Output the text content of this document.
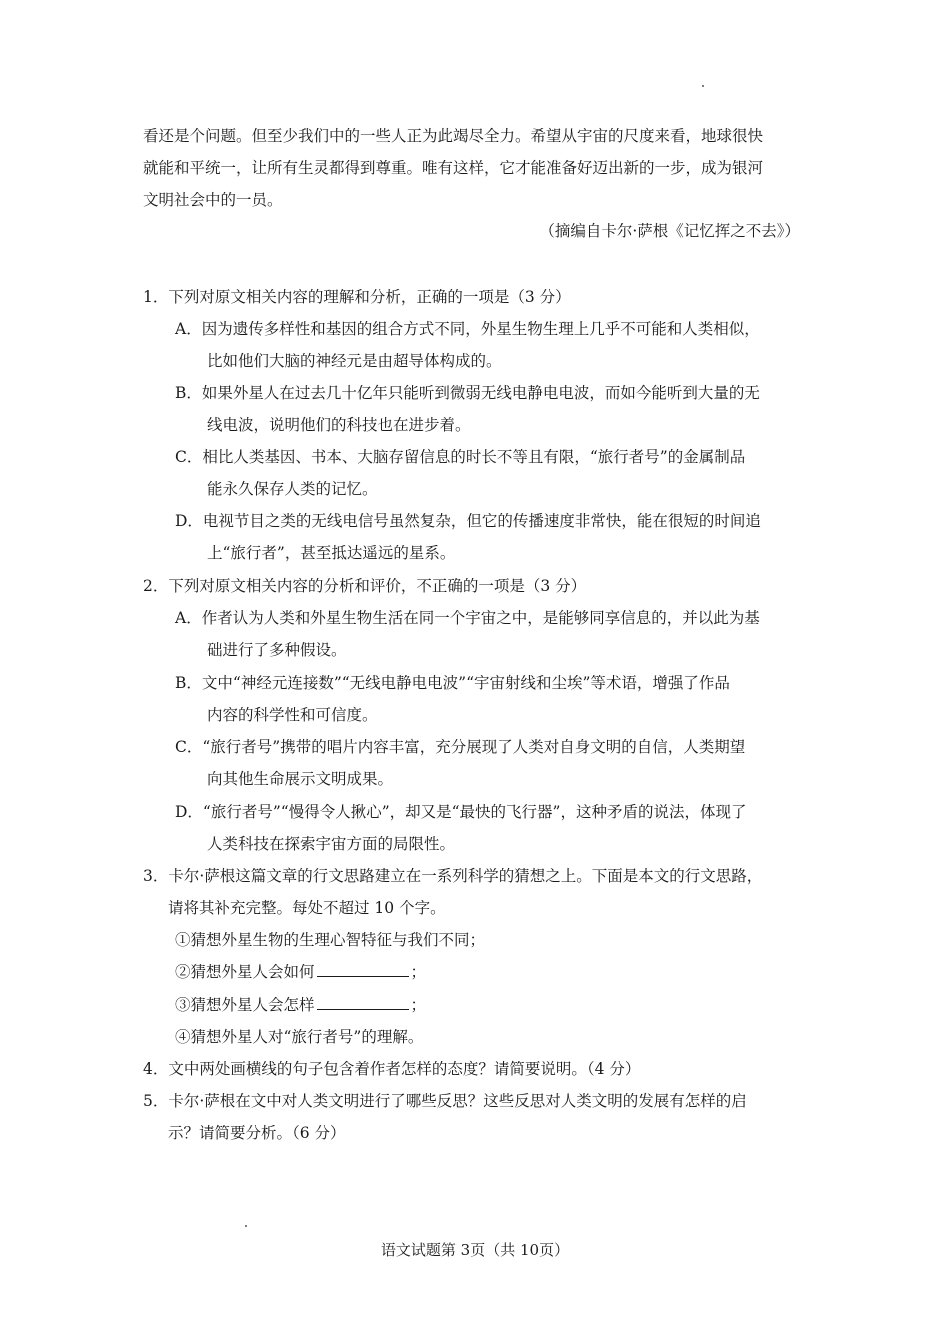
看还是个问题。但至少我们中的一些人正为此竭尽全力。希望从宇宙的尺度来看，地球很快
就能和平统一，让所有生灵都得到尊重。唯有这样，它才能准备好迈出新的一步，成为银河
文明社会中的一员。
（摘编自卡尔·萨根《记忆挥之不去》）
1．下列对原文相关内容的理解和分析，正确的一项是（3 分）
A．因为遗传多样性和基因的组合方式不同，外星生物生理上几乎不可能和人类相似，
比如他们大脑的神经元是由超导体构成的。
B．如果外星人在过去几十亿年只能听到微弱无线电静电电波，而如今能听到大量的无
线电波，说明他们的科技也在进步着。
C．相比人类基因、书本、大脑存留信息的时长不等且有限，“旅行者号”的金属制品
能永久保存人类的记忆。
D．电视节目之类的无线电信号虽然复杂，但它的传播速度非常快，能在很短的时间追
上“旅行者”，甚至抵达遥远的星系。
2．下列对原文相关内容的分析和评价，不正确的一项是（3 分）
A．作者认为人类和外星生物生活在同一个宇宙之中，是能够同享信息的，并以此为基
础进行了多种假设。
B．文中“神经元连接数”“无线电静电电波”“宇宙射线和尘埃”等术语，增强了作品
内容的科学性和可信度。
C．“旅行者号”携带的唱片内容丰富，充分展现了人类对自身文明的自信，人类期望
向其他生命展示文明成果。
D．“旅行者号”“慢得令人揪心”，却又是“最快的飞行器”，这种矛盾的说法，体现了
人类科技在探索宇宙方面的局限性。
3．卡尔·萨根这篇文章的行文思路建立在一系列科学的猜想之上。下面是本文的行文思路，
请将其补充完整。每处不超过 10 个字。
①猜想外星生物的生理心智特征与我们不同；
②猜想外星人会如何	；
③猜想外星人会怎样	；
④猜想外星人对“旅行者号”的理解。
4．文中两处画横线的句子包含着作者怎样的态度？请简要说明。（4 分）
5．卡尔·萨根在文中对人类文明进行了哪些反思？这些反思对人类文明的发展有怎样的启
示？请简要分析。（6 分）
语文试题第 3页（共 10页）
